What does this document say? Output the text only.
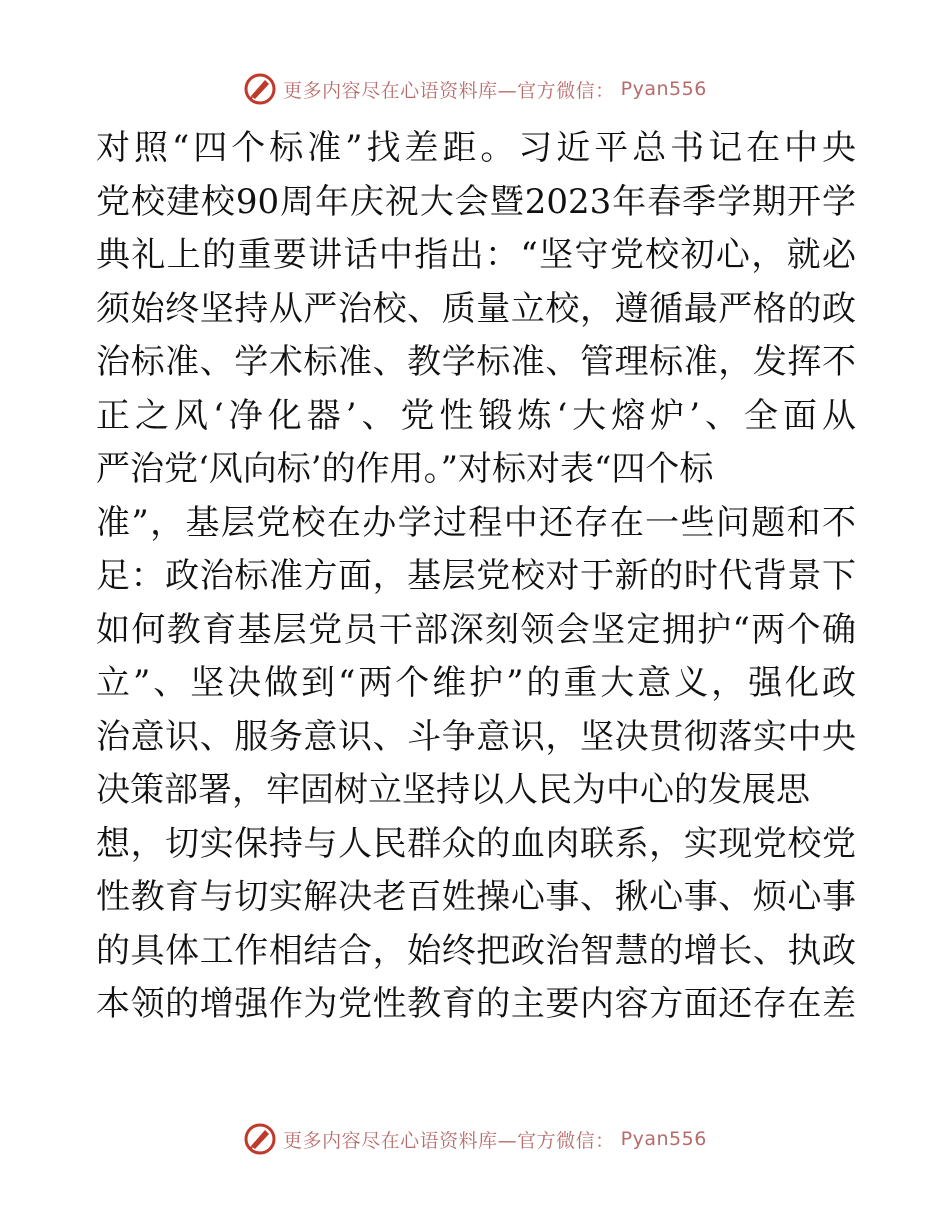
更多内容尽在心语资料库—官方微信： Pyan556
对照“四个标准”找差距。习近平总书记在中央
党校建校90周年庆祝大会暨2023年春季学期开学
典礼上的重要讲话中指出：“坚守党校初心，就必
须始终坚持从严治校、质量立校，遵循最严格的政
治标准、学术标准、教学标准、管理标准，发挥不
正之风‘净化器’、党性锻炼‘大熔炉’、全面从
严治党‘风向标’的作用。”对标对表“四个标
准”，基层党校在办学过程中还存在一些问题和不
足：政治标准方面，基层党校对于新的时代背景下
如何教育基层党员干部深刻领会坚定拥护“两个确
立”、坚决做到“两个维护”的重大意义，强化政
治意识、服务意识、斗争意识，坚决贯彻落实中央
决策部署，牢固树立坚持以人民为中心的发展思
想，切实保持与人民群众的血肉联系，实现党校党
性教育与切实解决老百姓操心事、揪心事、烦心事
的具体工作相结合，始终把政治智慧的增长、执政
本领的增强作为党性教育的主要内容方面还存在差
更多内容尽在心语资料库—官方微信： Pyan556
